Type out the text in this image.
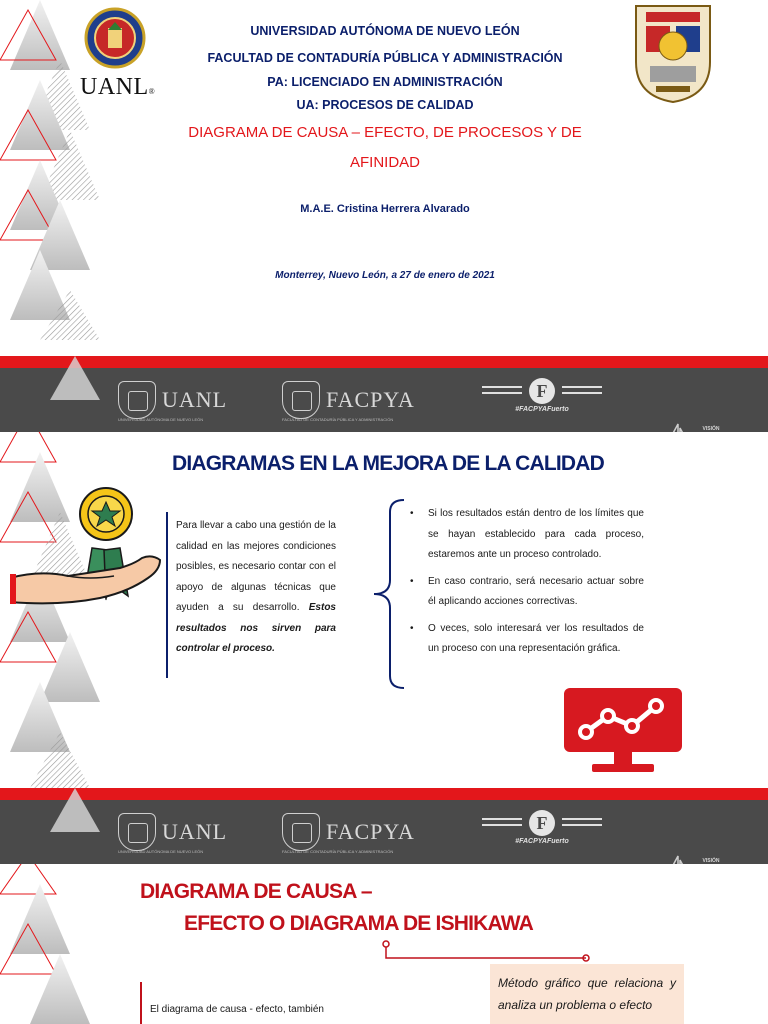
UANL®
UNIVERSIDAD AUTÓNOMA DE NUEVO LEÓN
FACULTAD DE CONTADURÍA PÚBLICA Y ADMINISTRACIÓN
PA: LICENCIADO EN ADMINISTRACIÓN
UA: PROCESOS DE CALIDAD
DIAGRAMA DE CAUSA – EFECTO, DE PROCESOS Y DE
AFINIDAD
M.A.E. Cristina Herrera Alvarado
Monterrey, Nuevo León, a 27 de enero de 2021
UANL
UNIVERSIDAD AUTÓNOMA DE NUEVO LEÓN
FACPYA
FACULTAD DE CONTADURÍA PÚBLICA Y ADMINISTRACIÓN
F
#FACPYAFuerto
VISIÓN
DIAGRAMAS EN LA MEJORA DE LA CALIDAD
Para llevar a cabo una gestión de la calidad en las mejores condiciones posibles, es necesario contar con el apoyo de algunas técnicas que ayuden a su desarrollo. Estos resultados nos sirven para controlar el proceso.
• Si los resultados están dentro de los límites que se hayan establecido para cada proceso, estaremos ante un proceso controlado.
• En caso contrario, será necesario actuar sobre él aplicando acciones correctivas.
• O veces, solo interesará ver los resultados de un proceso con una representación gráfica.
UANL
UNIVERSIDAD AUTÓNOMA DE NUEVO LEÓN
FACPYA
FACULTAD DE CONTADURÍA PÚBLICA Y ADMINISTRACIÓN
F
#FACPYAFuerto
VISIÓN
DIAGRAMA DE CAUSA –
EFECTO O DIAGRAMA DE ISHIKAWA
El diagrama de causa - efecto, también
Método gráfico que relaciona y analiza un problema o efecto
